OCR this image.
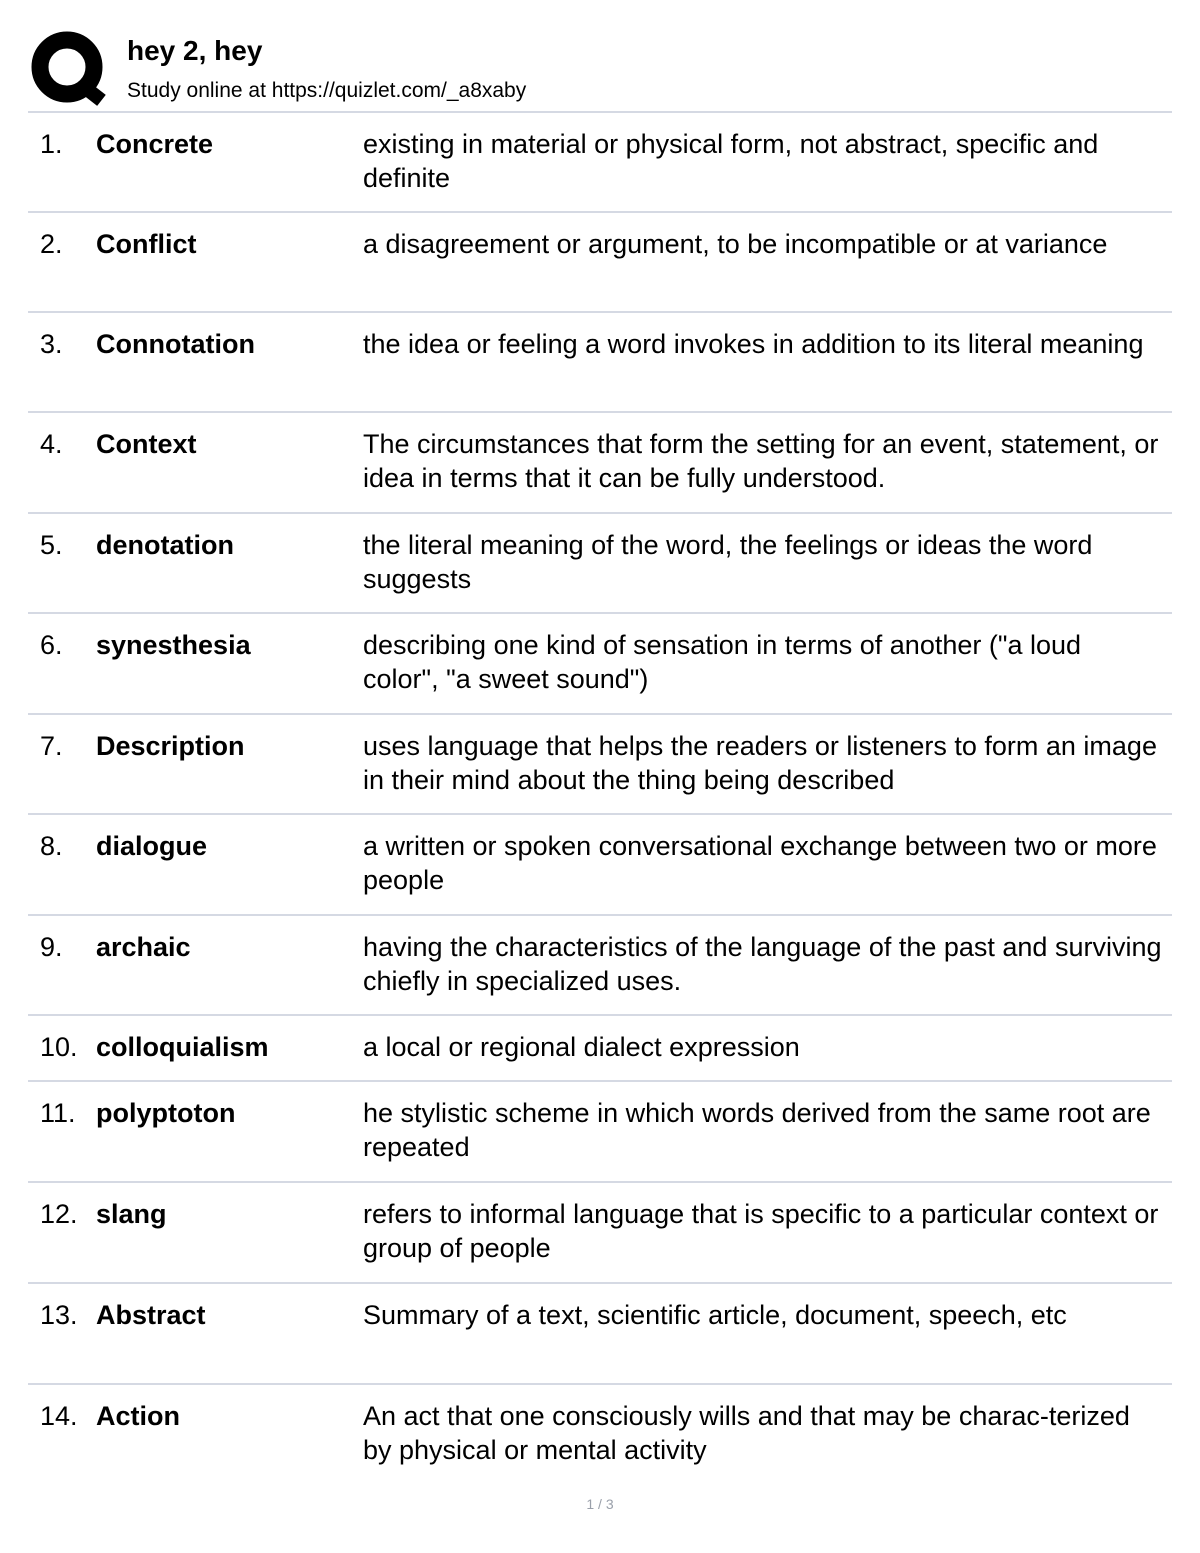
hey 2, hey
Study online at https://quizlet.com/_a8xaby
1. Concrete	existing in material or physical form, not abstract, specific and definite
2. Conflict	a disagreement or argument, to be incompatible or at variance
3. Connotation	the idea or feeling a word invokes in addition to its literal meaning
4. Context	The circumstances that form the setting for an event, statement, or idea in terms that it can be fully understood.
5. denotation	the literal meaning of the word, the feelings or ideas the word suggests
6. synesthesia	describing one kind of sensation in terms of another ("a loud color", "a sweet sound")
7. Description	uses language that helps the readers or listeners to form an image in their mind about the thing being described
8. dialogue	a written or spoken conversational exchange between two or more people
9. archaic	having the characteristics of the language of the past and surviving chiefly in specialized uses.
10. colloquialism	a local or regional dialect expression
11. polyptoton	he stylistic scheme in which words derived from the same root are repeated
12. slang	refers to informal language that is specific to a particular context or group of people
13. Abstract	Summary of a text, scientific article, document, speech, etc
14. Action	An act that one consciously wills and that may be charac-terized by physical or mental activity
1 / 3
